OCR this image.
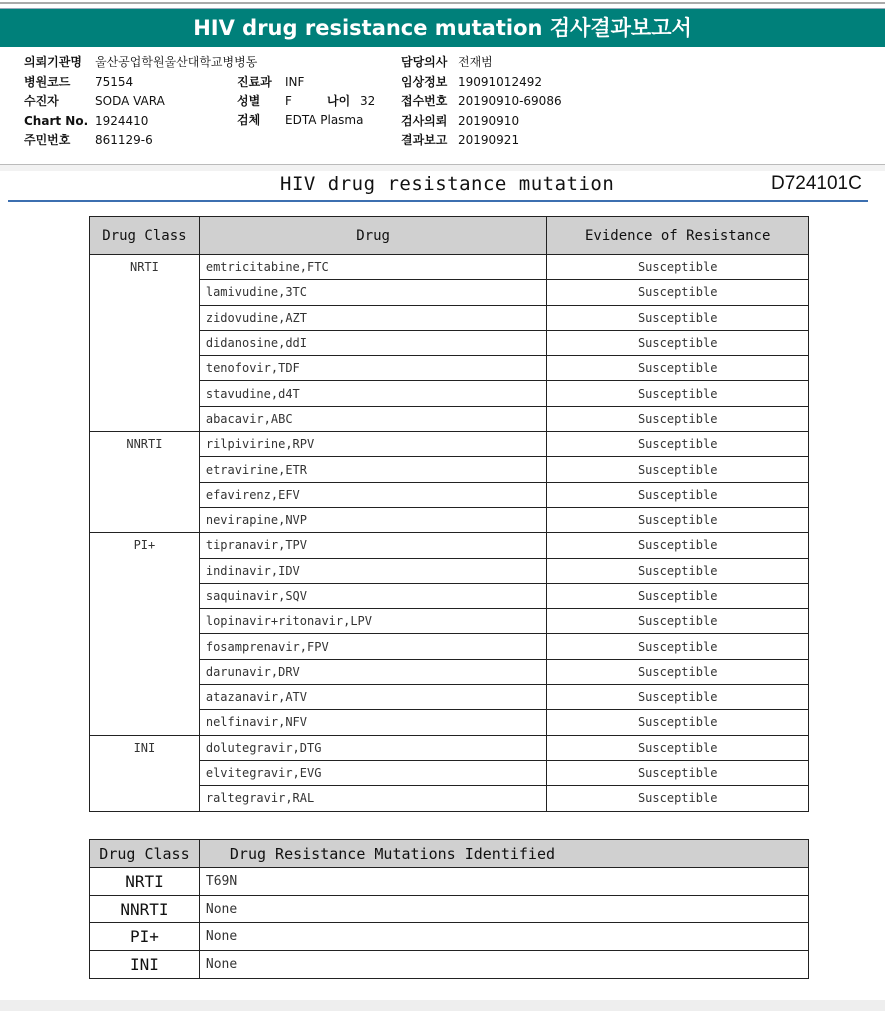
HIV drug resistance mutation 검사결과보고서
의뢰기관명 울산공업학원울산대학교병병동
병원코드 75154
수진자	SODA VARA
Chart No. 1924410
주민번호 861129-6
진료과 INF
성별 F	나이 32
검체 EDTA Plasma
담당의사 전재범
임상정보 19091012492
접수번호 20190910-69086
검사의뢰 20190910
결과보고 20190921
HIV drug resistance mutation	D724101C
Drug Class	Drug	Evidence of Resistance
NRTI	emtricitabine,FTC	Susceptible
	lamivudine,3TC	Susceptible
	zidovudine,AZT	Susceptible
	didanosine,ddI	Susceptible
	tenofovir,TDF	Susceptible
	stavudine,d4T	Susceptible
	abacavir,ABC	Susceptible
NNRTI	rilpivirine,RPV	Susceptible
	etravirine,ETR	Susceptible
	efavirenz,EFV	Susceptible
	nevirapine,NVP	Susceptible
PI+	tipranavir,TPV	Susceptible
	indinavir,IDV	Susceptible
	saquinavir,SQV	Susceptible
	lopinavir+ritonavir,LPV	Susceptible
	fosamprenavir,FPV	Susceptible
	darunavir,DRV	Susceptible
	atazanavir,ATV	Susceptible
	nelfinavir,NFV	Susceptible
INI	dolutegravir,DTG	Susceptible
	elvitegravir,EVG	Susceptible
	raltegravir,RAL	Susceptible
Drug Class	Drug Resistance Mutations Identified
NRTI	T69N
NNRTI	None
PI+	None
INI	None
